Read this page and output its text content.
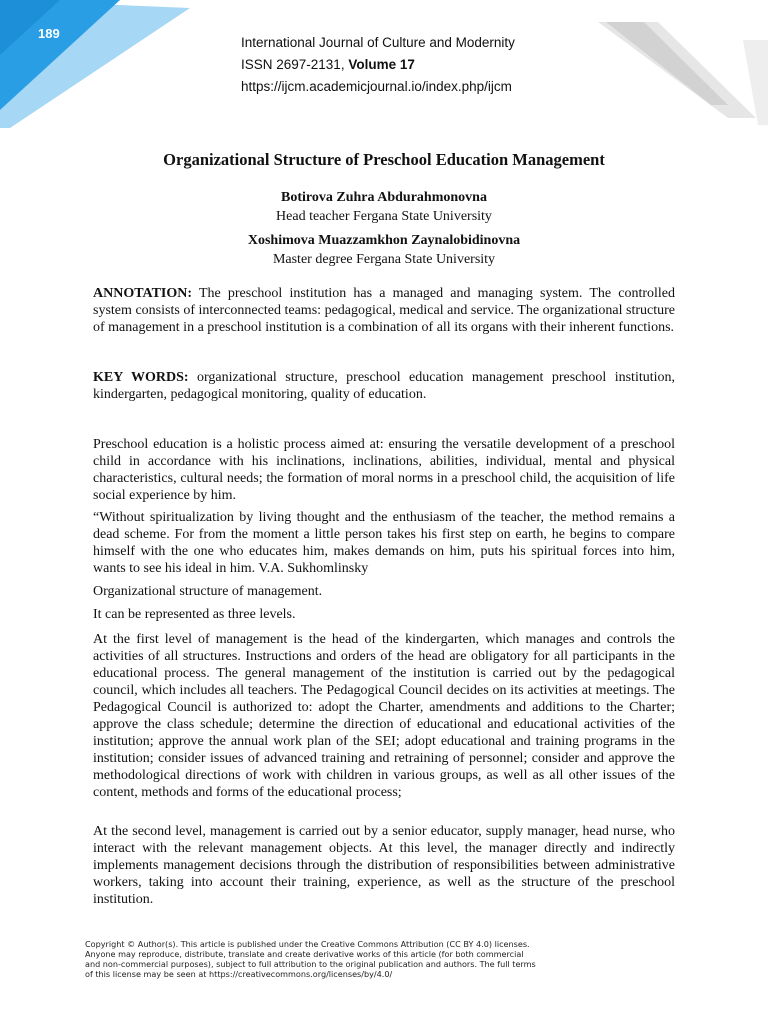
189
International Journal of Culture and Modernity
ISSN 2697-2131, Volume 17
https://ijcm.academicjournal.io/index.php/ijcm
Organizational Structure of Preschool Education Management
Botirova Zuhra Abdurahmonovna
Head teacher Fergana State University
Xoshimova Muazzamkhon Zaynalobidinovna
Master degree Fergana State University

ANNOTATION: The preschool institution has a managed and managing system. The controlled system consists of interconnected teams: pedagogical, medical and service. The organizational structure of management in a preschool institution is a combination of all its organs with their inherent functions.

KEY WORDS: organizational structure, preschool education management preschool institution, kindergarten, pedagogical monitoring, quality of education.

Preschool education is a holistic process aimed at: ensuring the versatile development of a preschool child in accordance with his inclinations, inclinations, abilities, individual, mental and physical characteristics, cultural needs; the formation of moral norms in a preschool child, the acquisition of life social experience by him.

“Without spiritualization by living thought and the enthusiasm of the teacher, the method remains a dead scheme. For from the moment a little person takes his first step on earth, he begins to compare himself with the one who educates him, makes demands on him, puts his spiritual forces into him, wants to see his ideal in him. V.A. Sukhomlinsky

Organizational structure of management.

It can be represented as three levels.

At the first level of management is the head of the kindergarten, which manages and controls the activities of all structures. Instructions and orders of the head are obligatory for all participants in the educational process. The general management of the institution is carried out by the pedagogical council, which includes all teachers. The Pedagogical Council decides on its activities at meetings. The Pedagogical Council is authorized to: adopt the Charter, amendments and additions to the Charter; approve the class schedule; determine the direction of educational and educational activities of the institution; approve the annual work plan of the SEI; adopt educational and training programs in the institution; consider issues of advanced training and retraining of personnel; consider and approve the methodological directions of work with children in various groups, as well as all other issues of the content, methods and forms of the educational process;

At the second level, management is carried out by a senior educator, supply manager, head nurse, who interact with the relevant management objects. At this level, the manager directly and indirectly implements management decisions through the distribution of responsibilities between administrative workers, taking into account their training, experience, as well as the structure of the preschool institution.

Copyright © Author(s). This article is published under the Creative Commons Attribution (CC BY 4.0) licenses.
Anyone may reproduce, distribute, translate and create derivative works of this article (for both commercial
and non-commercial purposes), subject to full attribution to the original publication and authors. The full terms
of this license may be seen at https://creativecommons.org/licenses/by/4.0/
